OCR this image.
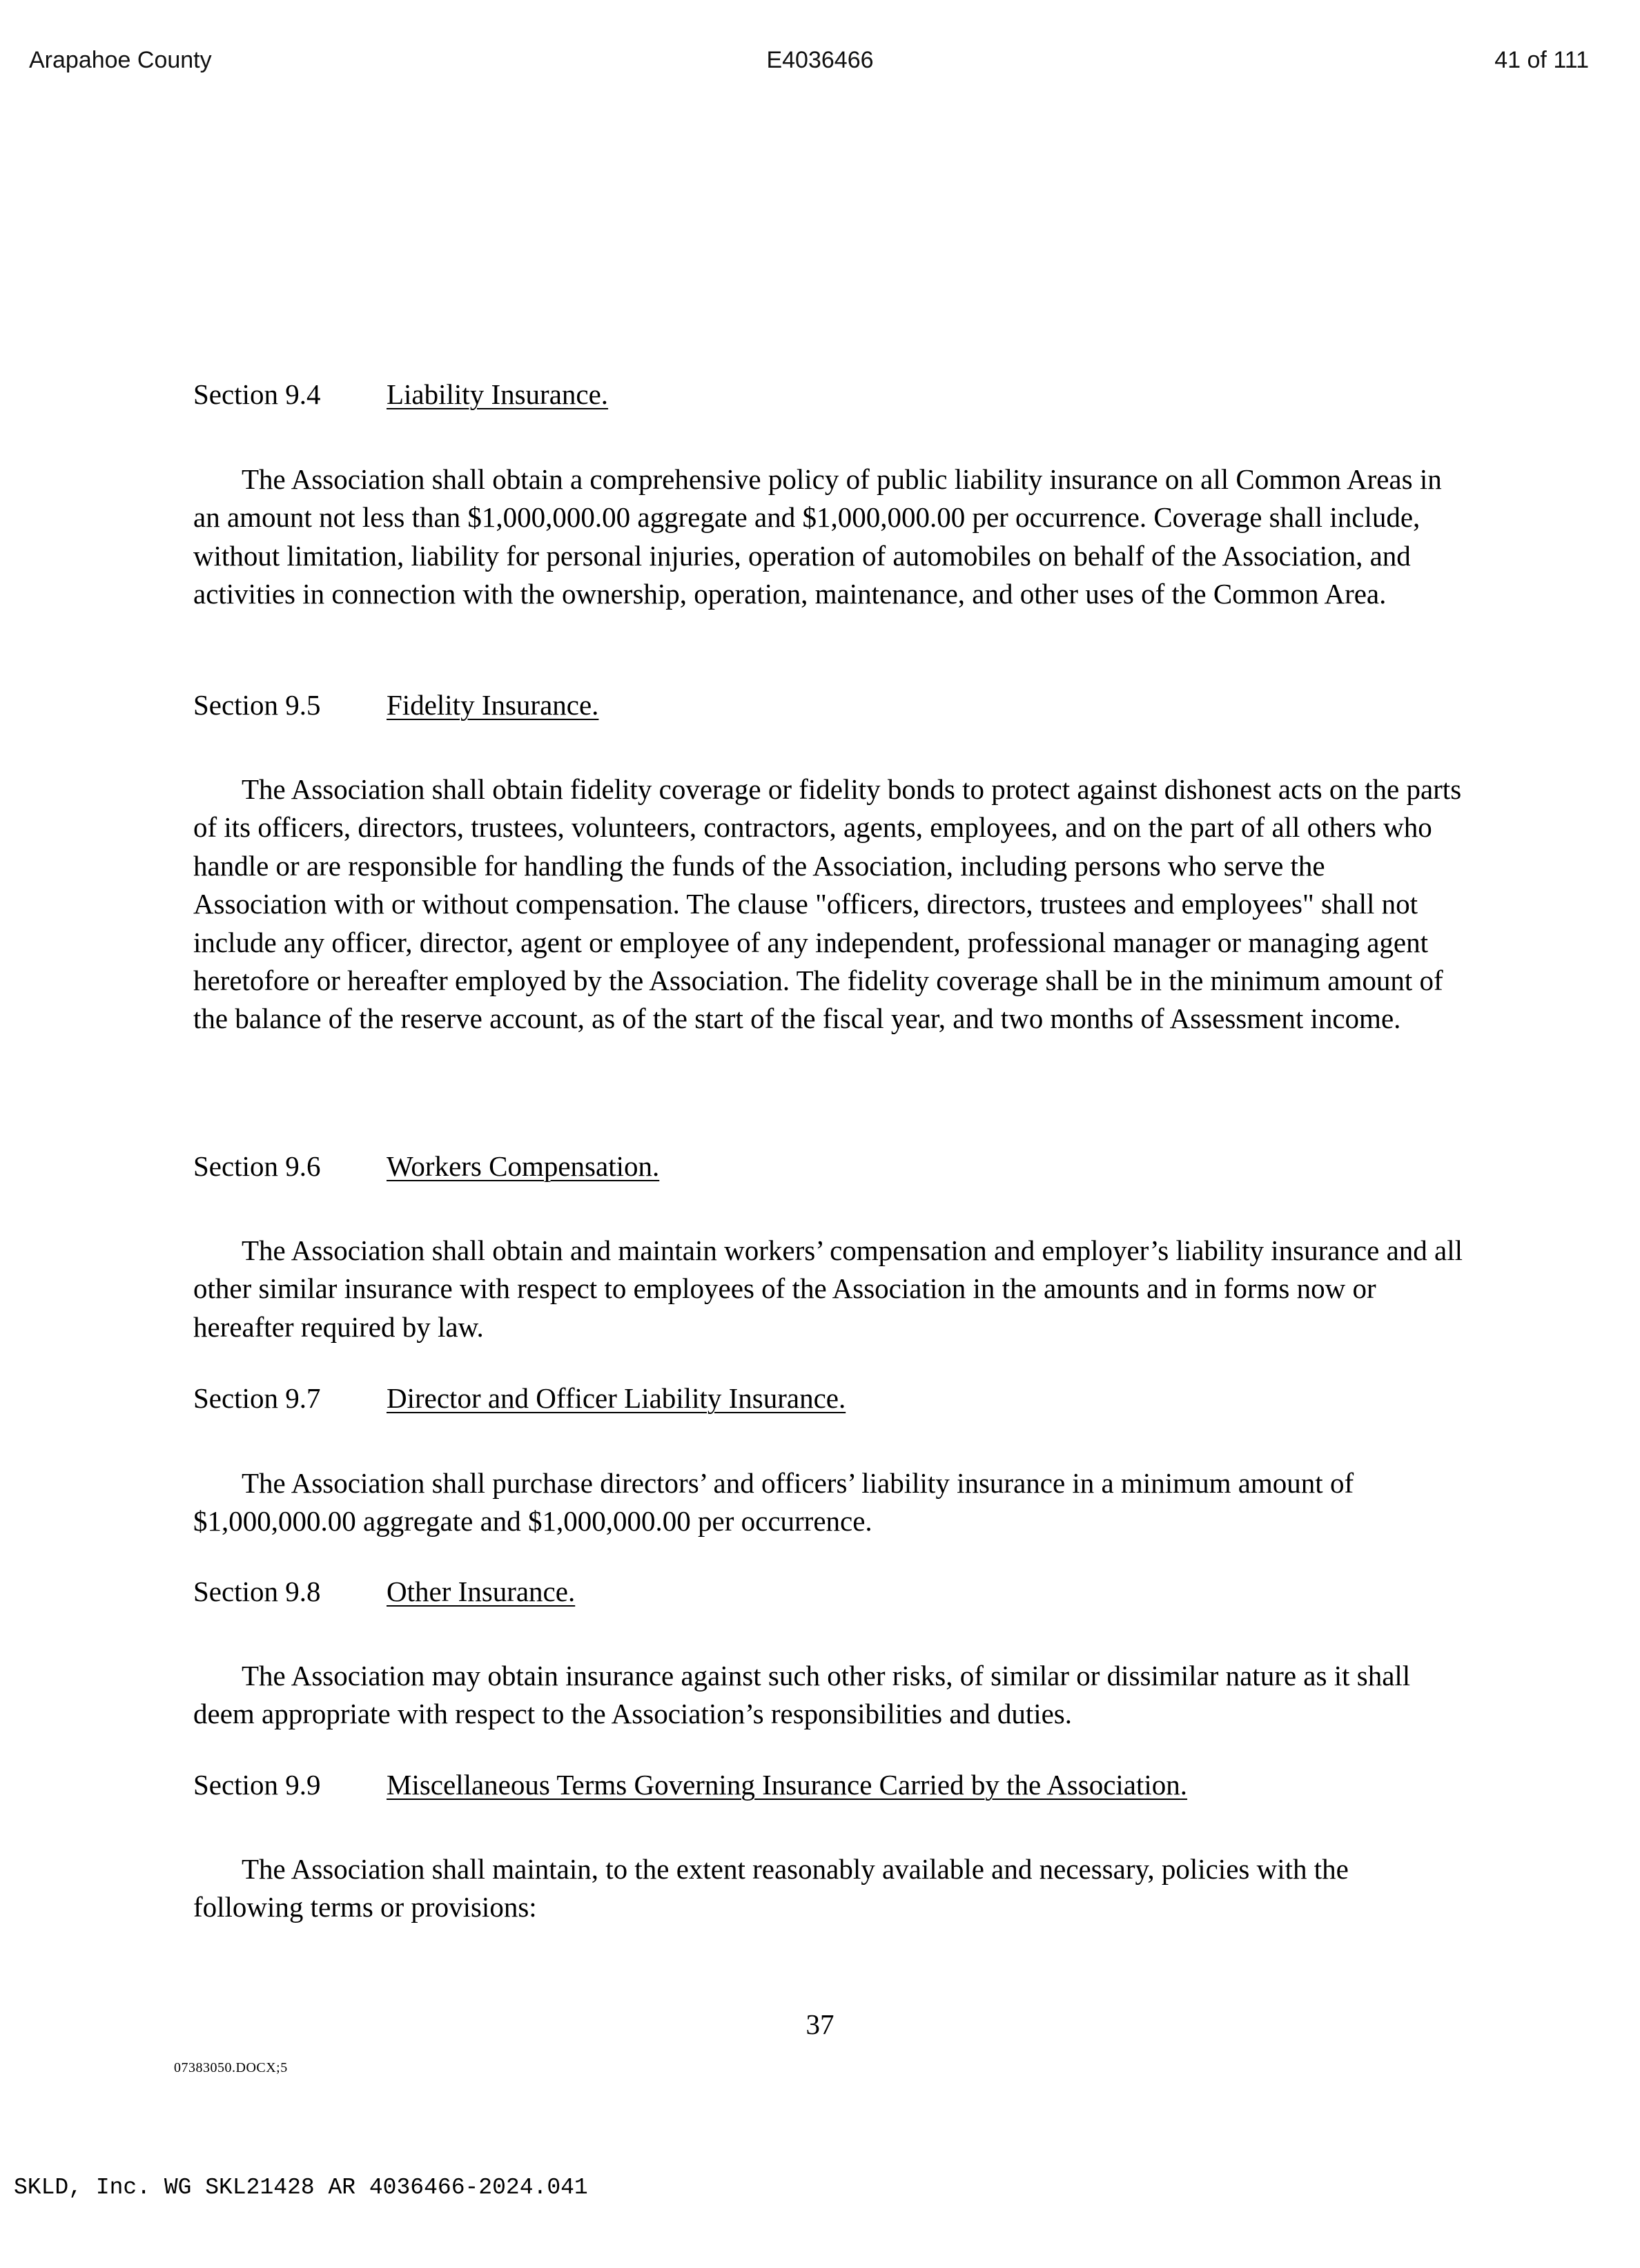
Arapahoe County	E4036466	41 of 111
Section 9.4 Liability Insurance.

The Association shall obtain a comprehensive policy of public liability insurance on all Common Areas in an amount not less than $1,000,000.00 aggregate and $1,000,000.00 per occurrence. Coverage shall include, without limitation, liability for personal injuries, operation of automobiles on behalf of the Association, and activities in connection with the ownership, operation, maintenance, and other uses of the Common Area.

Section 9.5 Fidelity Insurance.

The Association shall obtain fidelity coverage or fidelity bonds to protect against dishonest acts on the parts of its officers, directors, trustees, volunteers, contractors, agents, employees, and on the part of all others who handle or are responsible for handling the funds of the Association, including persons who serve the Association with or without compensation. The clause "officers, directors, trustees and employees" shall not include any officer, director, agent or employee of any independent, professional manager or managing agent heretofore or hereafter employed by the Association. The fidelity coverage shall be in the minimum amount of the balance of the reserve account, as of the start of the fiscal year, and two months of Assessment income.

Section 9.6 Workers Compensation.

The Association shall obtain and maintain workers’ compensation and employer’s liability insurance and all other similar insurance with respect to employees of the Association in the amounts and in forms now or hereafter required by law.

Section 9.7 Director and Officer Liability Insurance.

The Association shall purchase directors’ and officers’ liability insurance in a minimum amount of $1,000,000.00 aggregate and $1,000,000.00 per occurrence.

Section 9.8 Other Insurance.

The Association may obtain insurance against such other risks, of similar or dissimilar nature as it shall deem appropriate with respect to the Association’s responsibilities and duties.

Section 9.9 Miscellaneous Terms Governing Insurance Carried by the Association.

The Association shall maintain, to the extent reasonably available and necessary, policies with the following terms or provisions:

37
07383050.DOCX;5
SKLD, Inc. WG SKL21428 AR 4036466-2024.041
